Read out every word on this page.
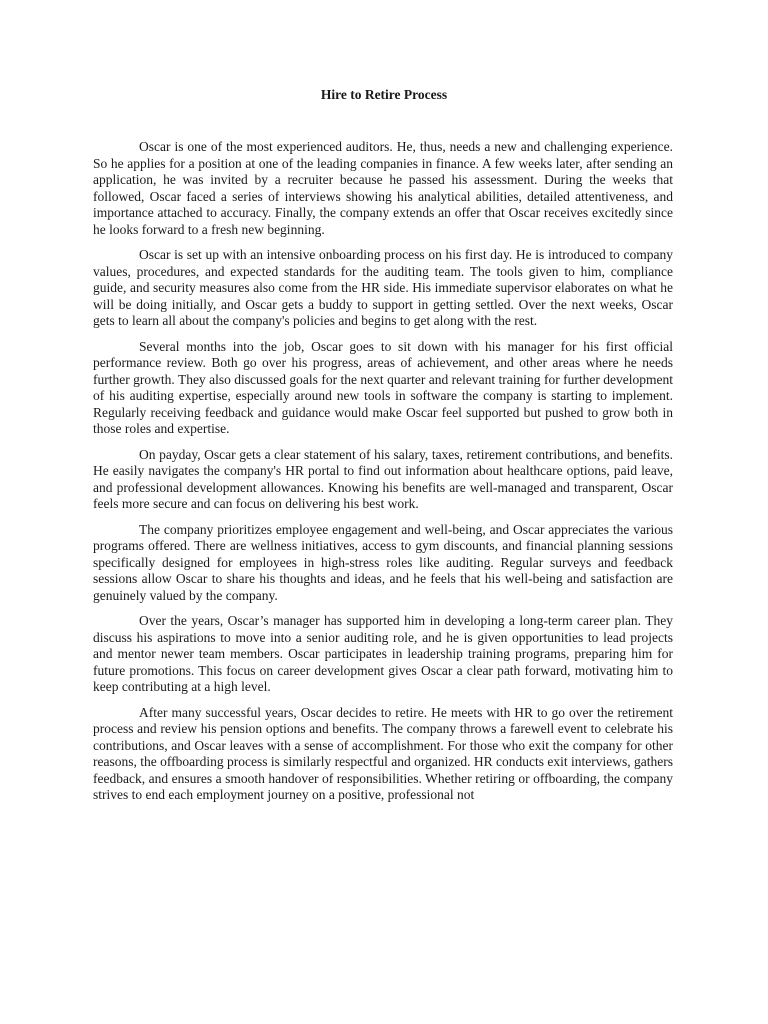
Hire to Retire Process

Oscar is one of the most experienced auditors. He, thus, needs a new and challenging experience. So he applies for a position at one of the leading companies in finance. A few weeks later, after sending an application, he was invited by a recruiter because he passed his assessment. During the weeks that followed, Oscar faced a series of interviews showing his analytical abilities, detailed attentiveness, and importance attached to accuracy. Finally, the company extends an offer that Oscar receives excitedly since he looks forward to a fresh new beginning.

Oscar is set up with an intensive onboarding process on his first day. He is introduced to company values, procedures, and expected standards for the auditing team. The tools given to him, compliance guide, and security measures also come from the HR side. His immediate supervisor elaborates on what he will be doing initially, and Oscar gets a buddy to support in getting settled. Over the next weeks, Oscar gets to learn all about the company's policies and begins to get along with the rest.

Several months into the job, Oscar goes to sit down with his manager for his first official performance review. Both go over his progress, areas of achievement, and other areas where he needs further growth. They also discussed goals for the next quarter and relevant training for further development of his auditing expertise, especially around new tools in software the company is starting to implement. Regularly receiving feedback and guidance would make Oscar feel supported but pushed to grow both in those roles and expertise.

On payday, Oscar gets a clear statement of his salary, taxes, retirement contributions, and benefits. He easily navigates the company's HR portal to find out information about healthcare options, paid leave, and professional development allowances. Knowing his benefits are well-managed and transparent, Oscar feels more secure and can focus on delivering his best work.

The company prioritizes employee engagement and well-being, and Oscar appreciates the various programs offered. There are wellness initiatives, access to gym discounts, and financial planning sessions specifically designed for employees in high-stress roles like auditing. Regular surveys and feedback sessions allow Oscar to share his thoughts and ideas, and he feels that his well-being and satisfaction are genuinely valued by the company.

Over the years, Oscar’s manager has supported him in developing a long-term career plan. They discuss his aspirations to move into a senior auditing role, and he is given opportunities to lead projects and mentor newer team members. Oscar participates in leadership training programs, preparing him for future promotions. This focus on career development gives Oscar a clear path forward, motivating him to keep contributing at a high level.

After many successful years, Oscar decides to retire. He meets with HR to go over the retirement process and review his pension options and benefits. The company throws a farewell event to celebrate his contributions, and Oscar leaves with a sense of accomplishment. For those who exit the company for other reasons, the offboarding process is similarly respectful and organized. HR conducts exit interviews, gathers feedback, and ensures a smooth handover of responsibilities. Whether retiring or offboarding, the company strives to end each employment journey on a positive, professional not
